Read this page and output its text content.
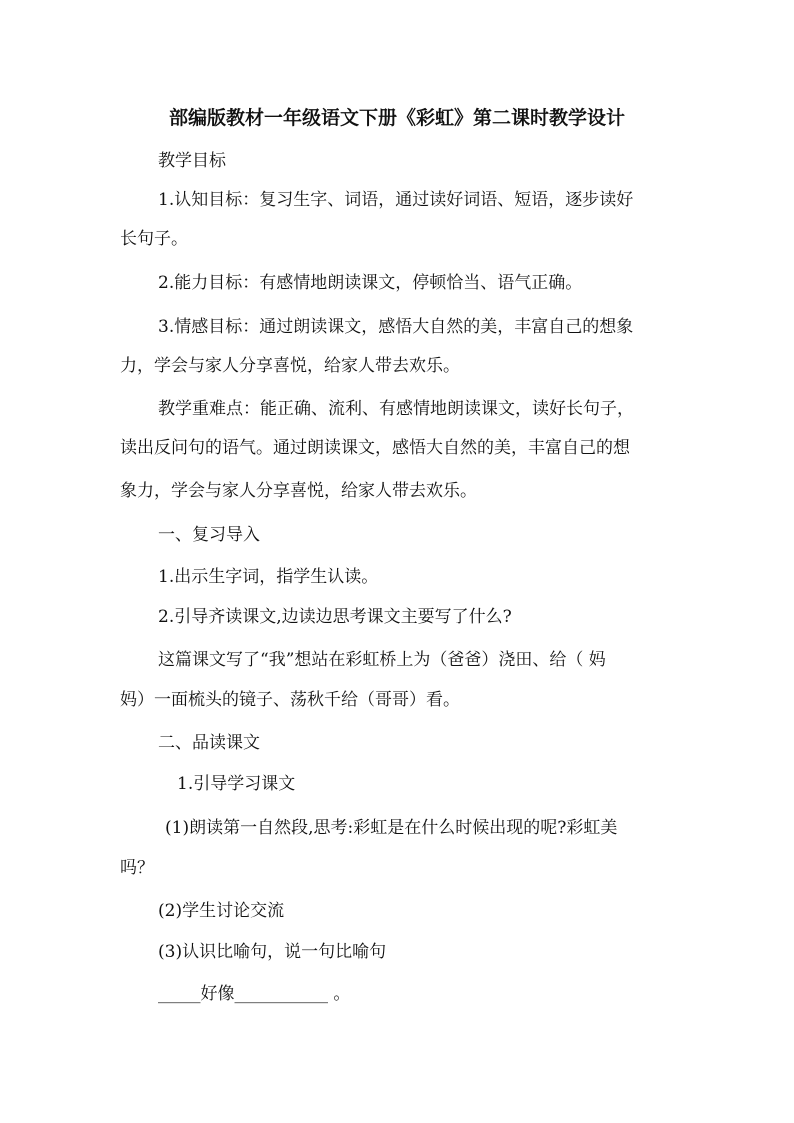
部编版教材一年级语文下册《彩虹》第二课时教学设计
教学目标
1.认知目标：复习生字、词语，通过读好词语、短语，逐步读好
长句子。
2.能力目标：有感情地朗读课文，停顿恰当、语气正确。
3.情感目标：通过朗读课文，感悟大自然的美，丰富自己的想象
力，学会与家人分享喜悦，给家人带去欢乐。
教学重难点：能正确、流利、有感情地朗读课文，读好长句子，
读出反问句的语气。通过朗读课文，感悟大自然的美，丰富自己的想
象力，学会与家人分享喜悦，给家人带去欢乐。
一、复习导入
1.出示生字词，指学生认读。
2.引导齐读课文,边读边思考课文主要写了什么?
这篇课文写了“我”想站在彩虹桥上为（爸爸）浇田、给（ 妈
妈）一面梳头的镜子、荡秋千给（哥哥）看。
二、品读课文
1.引导学习课文
(1)朗读第一自然段,思考:彩虹是在什么时候出现的呢?彩虹美
吗？
(2)学生讨论交流
(3)认识比喻句，说一句比喻句
_____好像___________ 。
